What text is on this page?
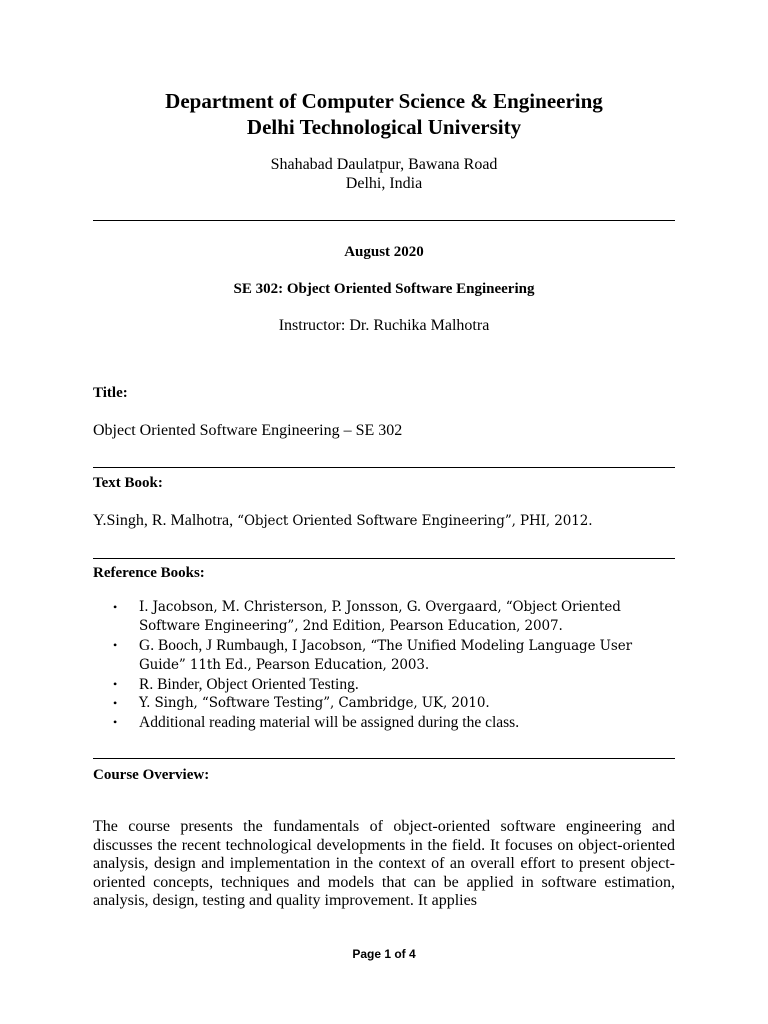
Department of Computer Science & Engineering
Delhi Technological University
Shahabad Daulatpur, Bawana Road
Delhi, India
August 2020
SE 302: Object Oriented Software Engineering
Instructor: Dr. Ruchika Malhotra
Title:
Object Oriented Software Engineering – SE 302
Text Book:
Y.Singh, R. Malhotra, “Object Oriented Software Engineering”, PHI, 2012.
Reference Books:
• I. Jacobson, M. Christerson, P. Jonsson, G. Overgaard, “Object Oriented
Software Engineering”, 2nd Edition, Pearson Education, 2007.
• G. Booch, J Rumbaugh, I Jacobson, “The Unified Modeling Language User
Guide” 11th Ed., Pearson Education, 2003.
• R. Binder, Object Oriented Testing.
• Y. Singh, “Software Testing”, Cambridge, UK, 2010.
• Additional reading material will be assigned during the class.
Course Overview:
The course presents the fundamentals of object-oriented software engineering and discusses the recent technological developments in the field. It focuses on object-oriented analysis, design and implementation in the context of an overall effort to present object-oriented concepts, techniques and models that can be applied in software estimation, analysis, design, testing and quality improvement. It applies
Page 1 of 4
